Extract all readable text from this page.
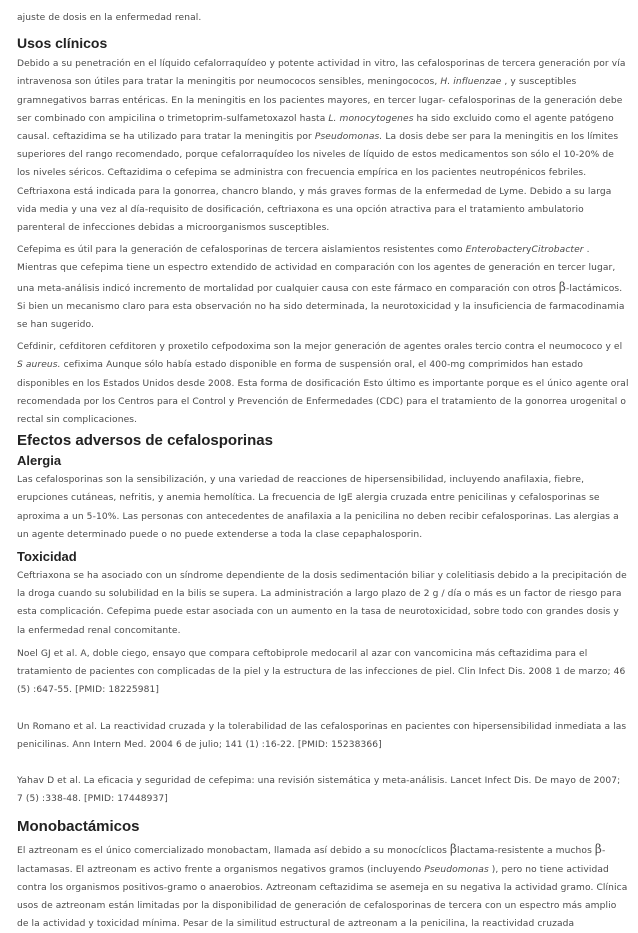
ajuste de dosis en la enfermedad renal.

Usos clínicos

Debido a su penetración en el líquido cefalorraquídeo y potente actividad in vitro, las cefalosporinas de tercera generación por vía intravenosa son útiles para tratar la meningitis por neumococos sensibles, meningococos, H. influenzae , y susceptibles gramnegativos barras entéricas. En la meningitis en los pacientes mayores, en tercer lugar- cefalosporinas de la generación debe ser combinado con ampicilina o trimetoprim-sulfametoxazol hasta L. monocytogenes ha sido excluido como el agente patógeno causal. ceftazidima se ha utilizado para tratar la meningitis por Pseudomonas. La dosis debe ser para la meningitis en los límites superiores del rango recomendado, porque cefalorraquídeo los niveles de líquido de estos medicamentos son sólo el 10-20% de los niveles séricos. Ceftazidima o cefepima se administra con frecuencia empírica en los pacientes neutropénicos febriles. Ceftriaxona está indicada para la gonorrea, chancro blando, y más graves formas de la enfermedad de Lyme. Debido a su larga vida media y una vez al día-requisito de dosificación, ceftriaxona es una opción atractiva para el tratamiento ambulatorio parenteral de infecciones debidas a microorganismos susceptibles.

Cefepima es útil para la generación de cefalosporinas de tercera aislamientos resistentes como EnterobacteryCitrobacter . Mientras que cefepima tiene un espectro extendido de actividad en comparación con los agentes de generación en tercer lugar, una meta-análisis indicó incremento de mortalidad por cualquier causa con este fármaco en comparación con otros β-lactámicos. Si bien un mecanismo claro para esta observación no ha sido determinada, la neurotoxicidad y la insuficiencia de farmacodinamia se han sugerido.

Cefdinir, cefditoren cefditoren y proxetilo cefpodoxima son la mejor generación de agentes orales tercio contra el neumococo y el S aureus. cefixima Aunque sólo había estado disponible en forma de suspensión oral, el 400-mg comprimidos han estado disponibles en los Estados Unidos desde 2008. Esta forma de dosificación Esto último es importante porque es el único agente oral recomendada por los Centros para el Control y Prevención de Enfermedades (CDC) para el tratamiento de la gonorrea urogenital o rectal sin complicaciones.

Efectos adversos de cefalosporinas
Alergia

Las cefalosporinas son la sensibilización, y una variedad de reacciones de hipersensibilidad, incluyendo anafilaxia, fiebre, erupciones cutáneas, nefritis, y anemia hemolítica. La frecuencia de IgE alergia cruzada entre penicilinas y cefalosporinas se aproxima a un 5-10%. Las personas con antecedentes de anafilaxia a la penicilina no deben recibir cefalosporinas. Las alergias a un agente determinado puede o no puede extenderse a toda la clase cepaphalosporin.

Toxicidad

Ceftriaxona se ha asociado con un síndrome dependiente de la dosis sedimentación biliar y colelitiasis debido a la precipitación de la droga cuando su solubilidad en la bilis se supera. La administración a largo plazo de 2 g / día o más es un factor de riesgo para esta complicación. Cefepima puede estar asociada con un aumento en la tasa de neurotoxicidad, sobre todo con grandes dosis y la enfermedad renal concomitante.

Noel GJ et al. A, doble ciego, ensayo que compara ceftobiprole medocaril al azar con vancomicina más ceftazidima para el tratamiento de pacientes con complicadas de la piel y la estructura de las infecciones de piel. Clin Infect Dis. 2008 1 de marzo; 46 (5) :647-55. [PMID: 18225981]

Un Romano et al. La reactividad cruzada y la tolerabilidad de las cefalosporinas en pacientes con hipersensibilidad inmediata a las penicilinas. Ann Intern Med. 2004 6 de julio; 141 (1) :16-22. [PMID: 15238366]

Yahav D et al. La eficacia y seguridad de cefepima: una revisión sistemática y meta-análisis. Lancet Infect Dis. De mayo de 2007; 7 (5) :338-48. [PMID: 17448937]

Monobactámicos

El aztreonam es el único comercializado monobactam, llamada así debido a su monocíclicos βlactama-resistente a muchos β-lactamasas. El aztreonam es activo frente a organismos negativos gramos (incluyendo Pseudomonas ), pero no tiene actividad contra los organismos positivos-gramo o anaerobios. Aztreonam ceftazidima se asemeja en su negativa la actividad gramo. Clínica usos de aztreonam están limitadas por la disponibilidad de generación de cefalosporinas de tercera con un espectro más amplio de la actividad y toxicidad mínima. Pesar de la similitud estructural de aztreonam a la penicilina, la reactividad cruzada
